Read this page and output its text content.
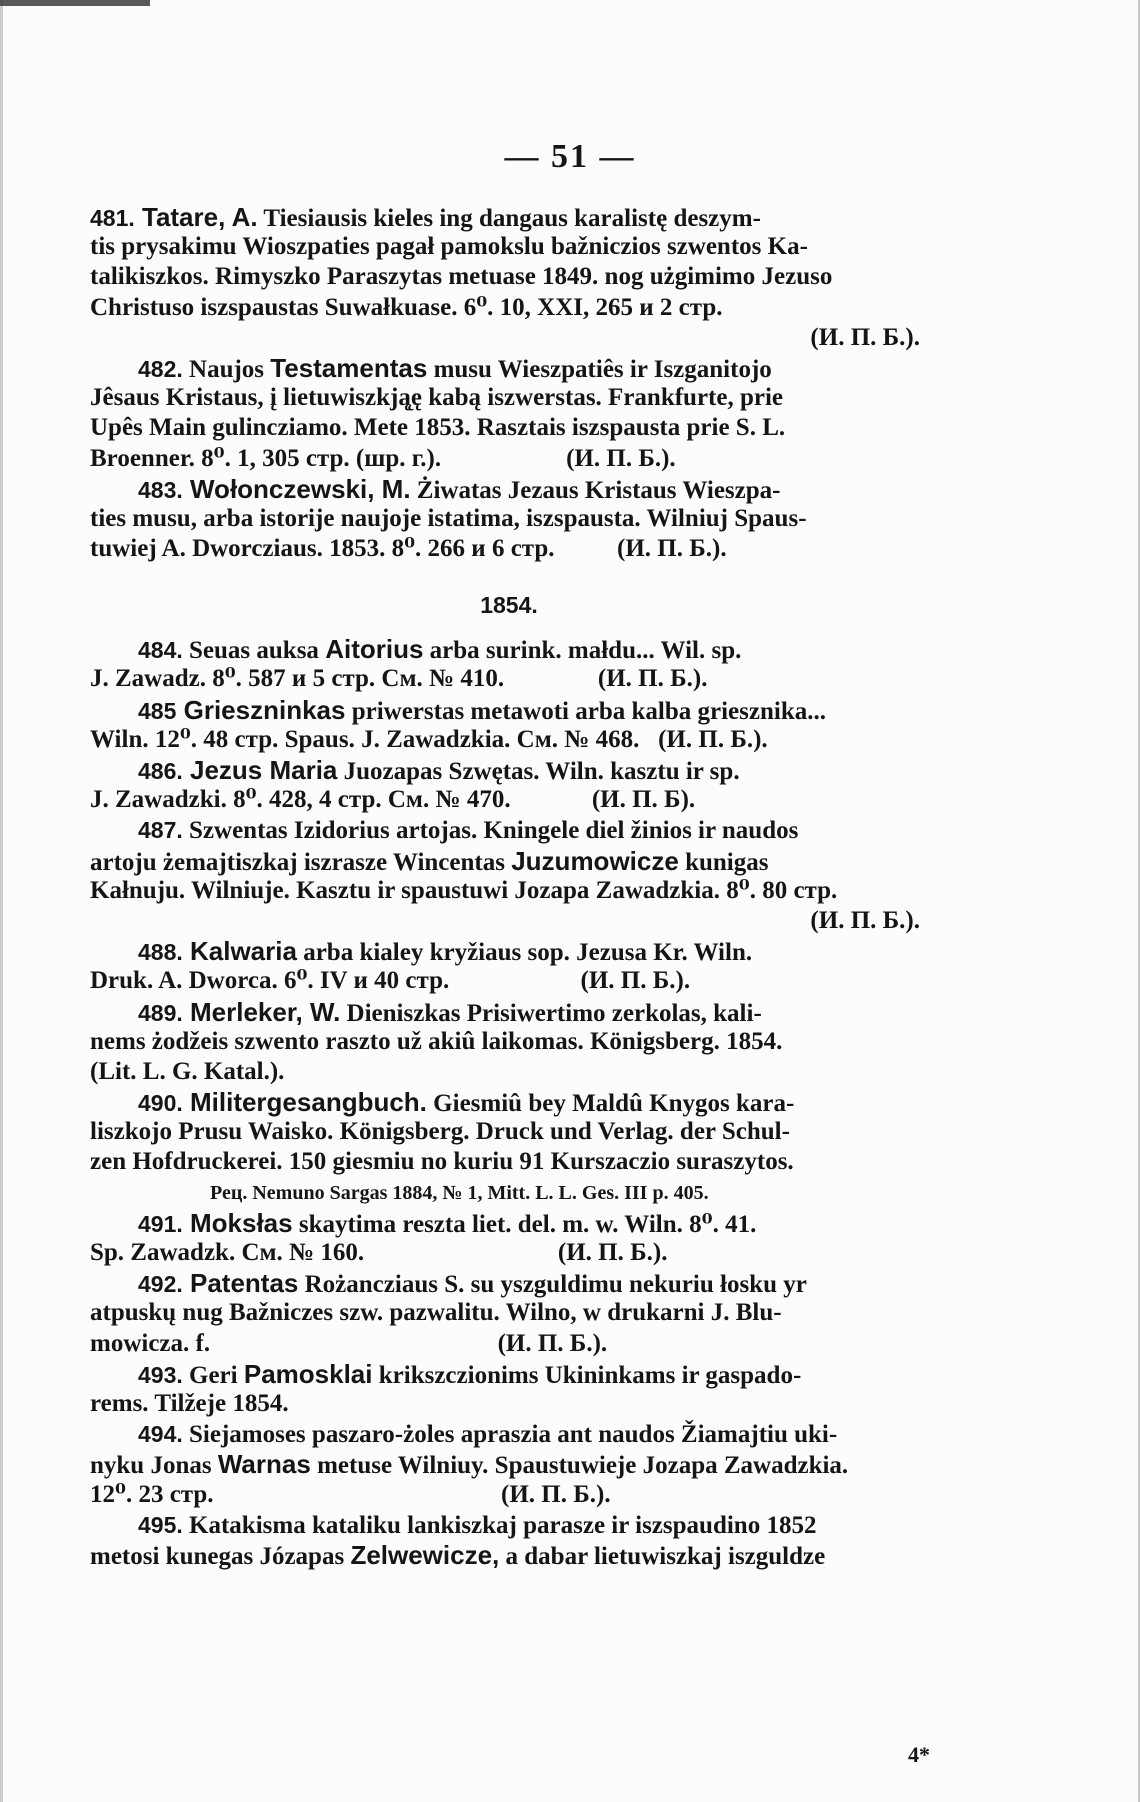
— 51 —
481. Tatare, A. Tiesiausis kieles ing dangaus karalistę deszym-
tis prysakimu Wioszpaties pagał pamokslu bažniczios szwentos Ka-
talikiszkos. Rimyszko Paraszytas metuase 1849. nog użgimimo Jezuso
Christuso iszspaustas Suwałkuase. 6⁰. 10, XXI, 265 и 2 стр.
(И. П. Б.).
482. Naujos Testamentas musu Wieszpatiês ir Iszganitojo
Jêsaus Kristaus, į lietuwiszkją̨ę kabą iszwerstas. Frankfurte, prie
Upês Main gulincziamo. Mete 1853. Rasztais iszspausta prie S. L.
Broenner. 8⁰. 1, 305 стр. (шр. г.).                    (И. П. Б.).
483. Wołonczewski, M. Żiwatas Jezaus Kristaus Wieszpa-
ties musu, arba istorije naujoje istatima, iszspausta. Wilniuj Spaus-
tuwiej A. Dworcziaus. 1853. 8⁰. 266 и 6 стр.          (И. П. Б.).
1854.
484. Seuas auksa Aitorius arba surink. małdu... Wil. sp.
J. Zawadz. 8⁰. 587 и 5 стр. См. № 410.               (И. П. Б.).
485 Grieszninkas priwerstas metawoti arba kalba griesznika...
Wiln. 12⁰. 48 стр. Spaus. J. Zawadzkia. См. № 468.   (И. П. Б.).
486. Jezus Maria Juozapas Szwętas. Wiln. kasztu ir sp.
J. Zawadzki. 8⁰. 428, 4 стр. См. № 470.             (И. П. Б).
487. Szwentas Izidorius artojas. Kningele diel žinios ir naudos
artoju żemajtiszkaj iszrasze Wincentas Juzumowicze kunigas
Kałnuju. Wilniuje. Kasztu ir spaustuwi Jozapa Zawadzkia. 8⁰. 80 стр.
(И. П. Б.).
488. Kalwaria arba kialey kryžiaus sop. Jezusa Kr. Wiln.
Druk. A. Dworca. 6⁰. IV и 40 стр.                     (И. П. Б.).
489. Merleker, W. Dieniszkas Prisiwertimo zerkolas, kali-
nems żodžeis szwento raszto už akiû laikomas. Königsberg. 1854.
(Lit. L. G. Katal.).
490. Militergesangbuch. Giesmiû bey Maldû Knygos kara-
liszkojo Prusu Waisko. Königsberg. Druck und Verlag. der Schul-
zen Hofdruckerei. 150 giesmiu no kuriu 91 Kurszaczio suraszytos.
Рец. Nemuno Sargas 1884, № 1, Mitt. L. L. Ges. III p. 405.
491. Moksłas skaytima reszta liet. del. m. w. Wiln. 8⁰. 41.
Sp. Zawadzk. См. № 160.                               (И. П. Б.).
492. Patentas Rożancziaus S. su yszguldimu nekuriu łosku yr
atpuskų nug Bažniczes szw. pazwalitu. Wilno, w drukarni J. Blu-
mowicza. f.                                              (И. П. Б.).
493. Geri Pamosklai krikszczionims Ukininkams ir gaspado-
rems. Tilžeje 1854.
494. Siejamoses paszaro-żoles apraszia ant naudos Žiamajtiu uki-
nyku Jonas Warnas metuse Wilniuy. Spaustuwieje Jozapa Zawadzkia.
12⁰. 23 стр.                                              (И. П. Б.).
495. Katakisma kataliku lankiszkaj parasze ir iszspaudino 1852
metosi kunegas Józapas Zelwewicze, a dabar lietuwiszkaj iszguldze
4*
